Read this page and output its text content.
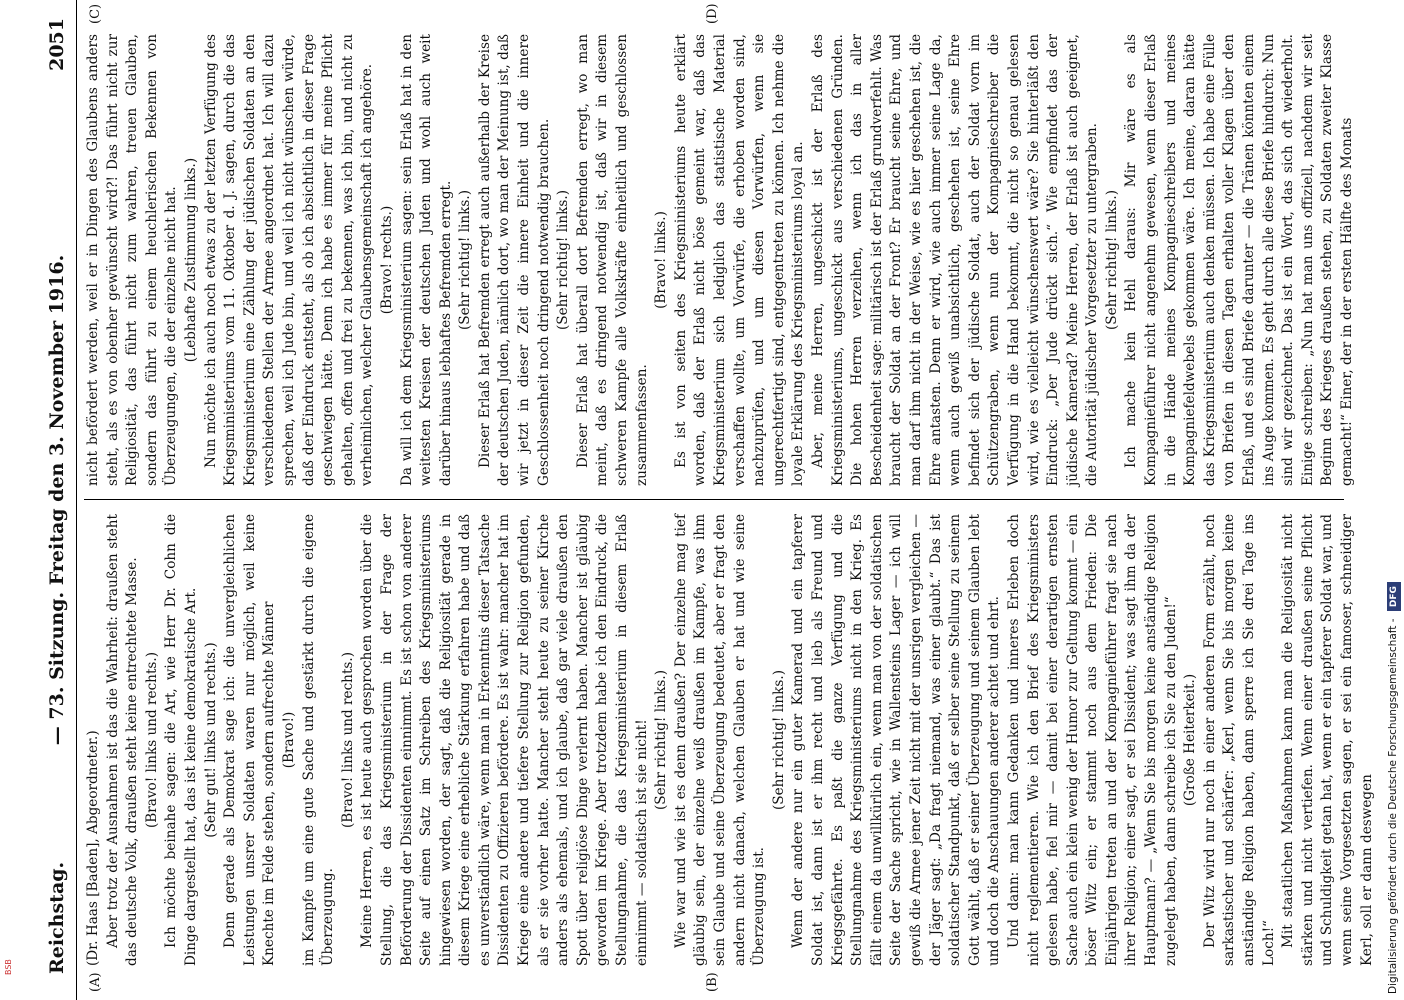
Reichstag.
— 73. Sitzung. Freitag den 3. November 1916.
2051
(A)	(B)
(C)	(D)

(Dr. Haas [Baden], Abgeordneter.) Aber trotz der Ausnahmen ist das die Wahrheit: draußen steht das deutsche Volk, draußen steht keine entrechtete Masse. (Bravo! links und rechts.) Ich möchte beinahe sagen: die Art, wie Herr Dr. Cohn die Dinge dargestellt hat, das ist keine demokratische Art. (Sehr gut! links und rechts.) Denn gerade als Demokrat sage ich: die unvergleichlichen Leistungen unsrer Soldaten waren nur möglich, weil keine Knechte im Felde stehen, sondern aufrechte Männer (Bravo!) im Kampfe um eine gute Sache und gestärkt durch die eigene Überzeugung.

(Bravo! links und rechts.) Meine Herren, es ist heute auch gesprochen worden über die Stellung, die das Kriegsministerium in der Frage der Beförderung der Dissidenten einnimmt. Es ist schon von anderer Seite auf einen Satz im Schreiben des Kriegsministeriums hingewiesen worden, der sagt, daß die Religiosität gerade in diesem Kriege eine erhebliche Stärkung erfahren habe und daß es unverständlich wäre, wenn man in Erkenntnis dieser Tatsache Dissidenten zu Offizieren befördere. Es ist wahr: mancher hat im Kriege eine andere und tiefere Stellung zur Religion gefunden, als er sie vorher hatte. Mancher steht heute zu seiner Kirche anders als ehemals, und ich glaube, daß gar viele draußen den Spott über religiöse Dinge verlernt haben. Mancher ist gläubig geworden im Kriege. Aber trotzdem habe ich den Eindruck, die Stellungnahme, die das Kriegsministerium in diesem Erlaß einnimmt — soldatisch ist sie nicht! (Sehr richtig! links.) Wie war und wie ist es denn draußen? Der einzelne mag tief gläubig sein, der einzelne weiß draußen im Kampfe, was ihm sein Glaube und seine Überzeugung bedeutet, aber er fragt den andern nicht danach, welchen Glauben er hat und wie seine Überzeugung ist.

(Sehr richtig! links.) Wenn der andere nur ein guter Kamerad und ein tapferer Soldat ist, dann ist er ihm recht und lieb als Freund und Kriegsgefährte. Es paßt die ganze Verfügung und die Stellungnahme des Kriegsministeriums nicht in den Krieg. Es fällt einem da unwillkürlich ein, wenn man von der soldatischen Seite der Sache spricht, wie in Wallensteins Lager — ich will gewiß die Armee jener Zeit nicht mit der unsrigen vergleichen — der Jäger sagt: „Da fragt niemand, was einer glaubt.“ Das ist soldatischer Standpunkt, daß er selber seine Stellung zu seinem Gott wählt, daß er seiner Überzeugung und seinem Glauben lebt und doch die Anschauungen anderer achtet und ehrt. Und dann: man kann Gedanken und inneres Erleben doch nicht reglementieren. Wie ich den Brief des Kriegsministers gelesen habe, fiel mir — damit bei einer derartigen ernsten Sache auch ein klein wenig der Humor zur Geltung kommt — ein böser Witz ein; er stammt noch aus dem Frieden: Die Einjährigen treten an und der Kompagnieführer fragt sie nach ihrer Religion; einer sagt, er sei Dissident; was sagt ihm da der Hauptmann? — „Wenn Sie bis morgen keine anständige Religion zugelegt haben, dann schreibe ich Sie zu den Juden!“ (Große Heiterkeit.) Der Witz wird nur noch in einer anderen Form erzählt, noch sarkastischer und schärfer: „Kerl, wenn Sie bis morgen keine anständige Religion haben, dann sperre ich Sie drei Tage ins Loch!“ Mit staatlichen Maßnahmen kann man die Religiosität nicht stärken und nicht vertiefen. Wenn einer draußen seine Pflicht und Schuldigkeit getan hat, wenn er ein tapferer Soldat war, und wenn seine Vorgesetzten sagen, er sei ein famoser, schneidiger Kerl, soll er dann deswegen

nicht befördert werden, weil er in Dingen des Glaubens anders steht, als es von obenher gewünscht wird?! Das führt nicht zur Religiosität, das führt nicht zum wahren, treuen Glauben, sondern das führt zu einem heuchlerischen Bekennen von Überzeugungen, die der einzelne nicht hat. (Lebhafte Zustimmung links.) Nun möchte ich auch noch etwas zu der letzten Verfügung des Kriegsministeriums vom 11. Oktober d. J. sagen, durch die das Kriegsministerium eine Zählung der jüdischen Soldaten an den verschiedenen Stellen der Armee angeordnet hat. Ich will dazu sprechen, weil ich Jude bin, und weil ich nicht wünschen würde, daß der Eindruck entsteht, als ob ich absichtlich in dieser Frage geschwiegen hätte. Denn ich habe es immer für meine Pflicht gehalten, offen und frei zu bekennen, was ich bin, und nicht zu verheimlichen, welcher Glaubensgemeinschaft ich angehöre. (Bravo! rechts.) Da will ich dem Kriegsministerium sagen: sein Erlaß hat in den weitesten Kreisen der deutschen Juden und wohl auch weit darüber hinaus lebhaftes Befremden erregt. (Sehr richtig! links.) Dieser Erlaß hat Befremden erregt auch außerhalb der Kreise der deutschen Juden, nämlich dort, wo man der Meinung ist, daß wir jetzt in dieser Zeit die innere Einheit und die innere Geschlossenheit noch dringend notwendig brauchen. (Sehr richtig! links.) Dieser Erlaß hat überall dort Befremden erregt, wo man meint, daß es dringend notwendig ist, daß wir in diesem schweren Kampfe alle Volkskräfte einheitlich und geschlossen zusammenfassen.

(Bravo! links.) Es ist von seiten des Kriegsministeriums heute erklärt worden, daß der Erlaß nicht böse gemeint war, daß das Kriegsministerium sich lediglich das statistische Material verschaffen wollte, um Vorwürfe, die erhoben worden sind, nachzuprüfen, und um diesen Vorwürfen, wenn sie ungerechtfertigt sind, entgegentreten zu können. Ich nehme die loyale Erklärung des Kriegsministeriums loyal an. Aber, meine Herren, ungeschickt ist der Erlaß des Kriegsministeriums, ungeschickt aus verschiedenen Gründen. Die hohen Herren verzeihen, wenn ich das in aller Bescheidenheit sage: militärisch ist der Erlaß grundverfehlt. Was braucht der Soldat an der Front? Er braucht seine Ehre, und man darf ihm nicht in der Weise, wie es hier geschehen ist, die Ehre antasten. Denn er wird, wie auch immer seine Lage da, wenn auch gewiß unabsichtlich, geschehen ist, seine Ehre befindet sich der jüdische Soldat, auch der Soldat vorn im Schützengraben, wenn nun der Kompagnieschreiber die Verfügung in die Hand bekommt, die nicht so genau gelesen wird, wie es vielleicht wünschenswert wäre? Sie hinterläßt den Eindruck: „Der Jude drückt sich.“ Wie empfindet das der jüdische Kamerad? Meine Herren, der Erlaß ist auch geeignet, die Autorität jüdischer Vorgesetzter zu untergraben. (Sehr richtig! links.) Ich mache kein Hehl daraus: Mir wäre es als Kompagnieführer nicht angenehm gewesen, wenn dieser Erlaß in die Hände meines Kompagnieschreibers und meines Kompagniefeldwebels gekommen wäre. Ich meine, daran hätte das Kriegsministerium auch denken müssen. Ich habe eine Fülle von Briefen in diesen Tagen erhalten voller Klagen über den Erlaß, und es sind Briefe darunter — die Tränen könnten einem ins Auge kommen. Es geht durch alle diese Briefe hindurch: Nun sind wir gezeichnet. Das ist ein Wort, das sich oft wiederholt. Einige schreiben: „Nun hat man uns offiziell, nachdem wir seit Beginn des Krieges draußen stehen, zu Soldaten zweiter Klasse gemacht!“ Einer, der in der ersten Hälfte des Monats

Digitalisierung gefördert durch die Deutsche Forschungsgemeinschaft - DFG
BSB
